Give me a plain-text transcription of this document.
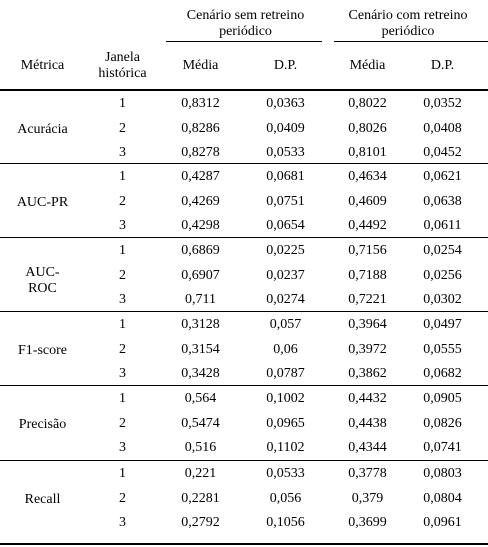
Cenário sem retreino
periódico
Cenário com retreino
periódico
Métrica
Janela
histórica
Média	D.P.	Média	D.P.
Acurácia
1	0,8312	0,0363	0,8022	0,0352
2	0,8286	0,0409	0,8026	0,0408
3	0,8278	0,0533	0,8101	0,0452
AUC-PR
1	0,4287	0,0681	0,4634	0,0621
2	0,4269	0,0751	0,4609	0,0638
3	0,4298	0,0654	0,4492	0,0611
AUC-
ROC
1	0,6869	0,0225	0,7156	0,0254
2	0,6907	0,0237	0,7188	0,0256
3	0,711	0,0274	0,7221	0,0302
F1-score
1	0,3128	0,057	0,3964	0,0497
2	0,3154	0,06	0,3972	0,0555
3	0,3428	0,0787	0,3862	0,0682
Precisão
1	0,564	0,1002	0,4432	0,0905
2	0,5474	0,0965	0,4438	0,0826
3	0,516	0,1102	0,4344	0,0741
Recall
1	0,221	0,0533	0,3778	0,0803
2	0,2281	0,056	0,379	0,0804
3	0,2792	0,1056	0,3699	0,0961
